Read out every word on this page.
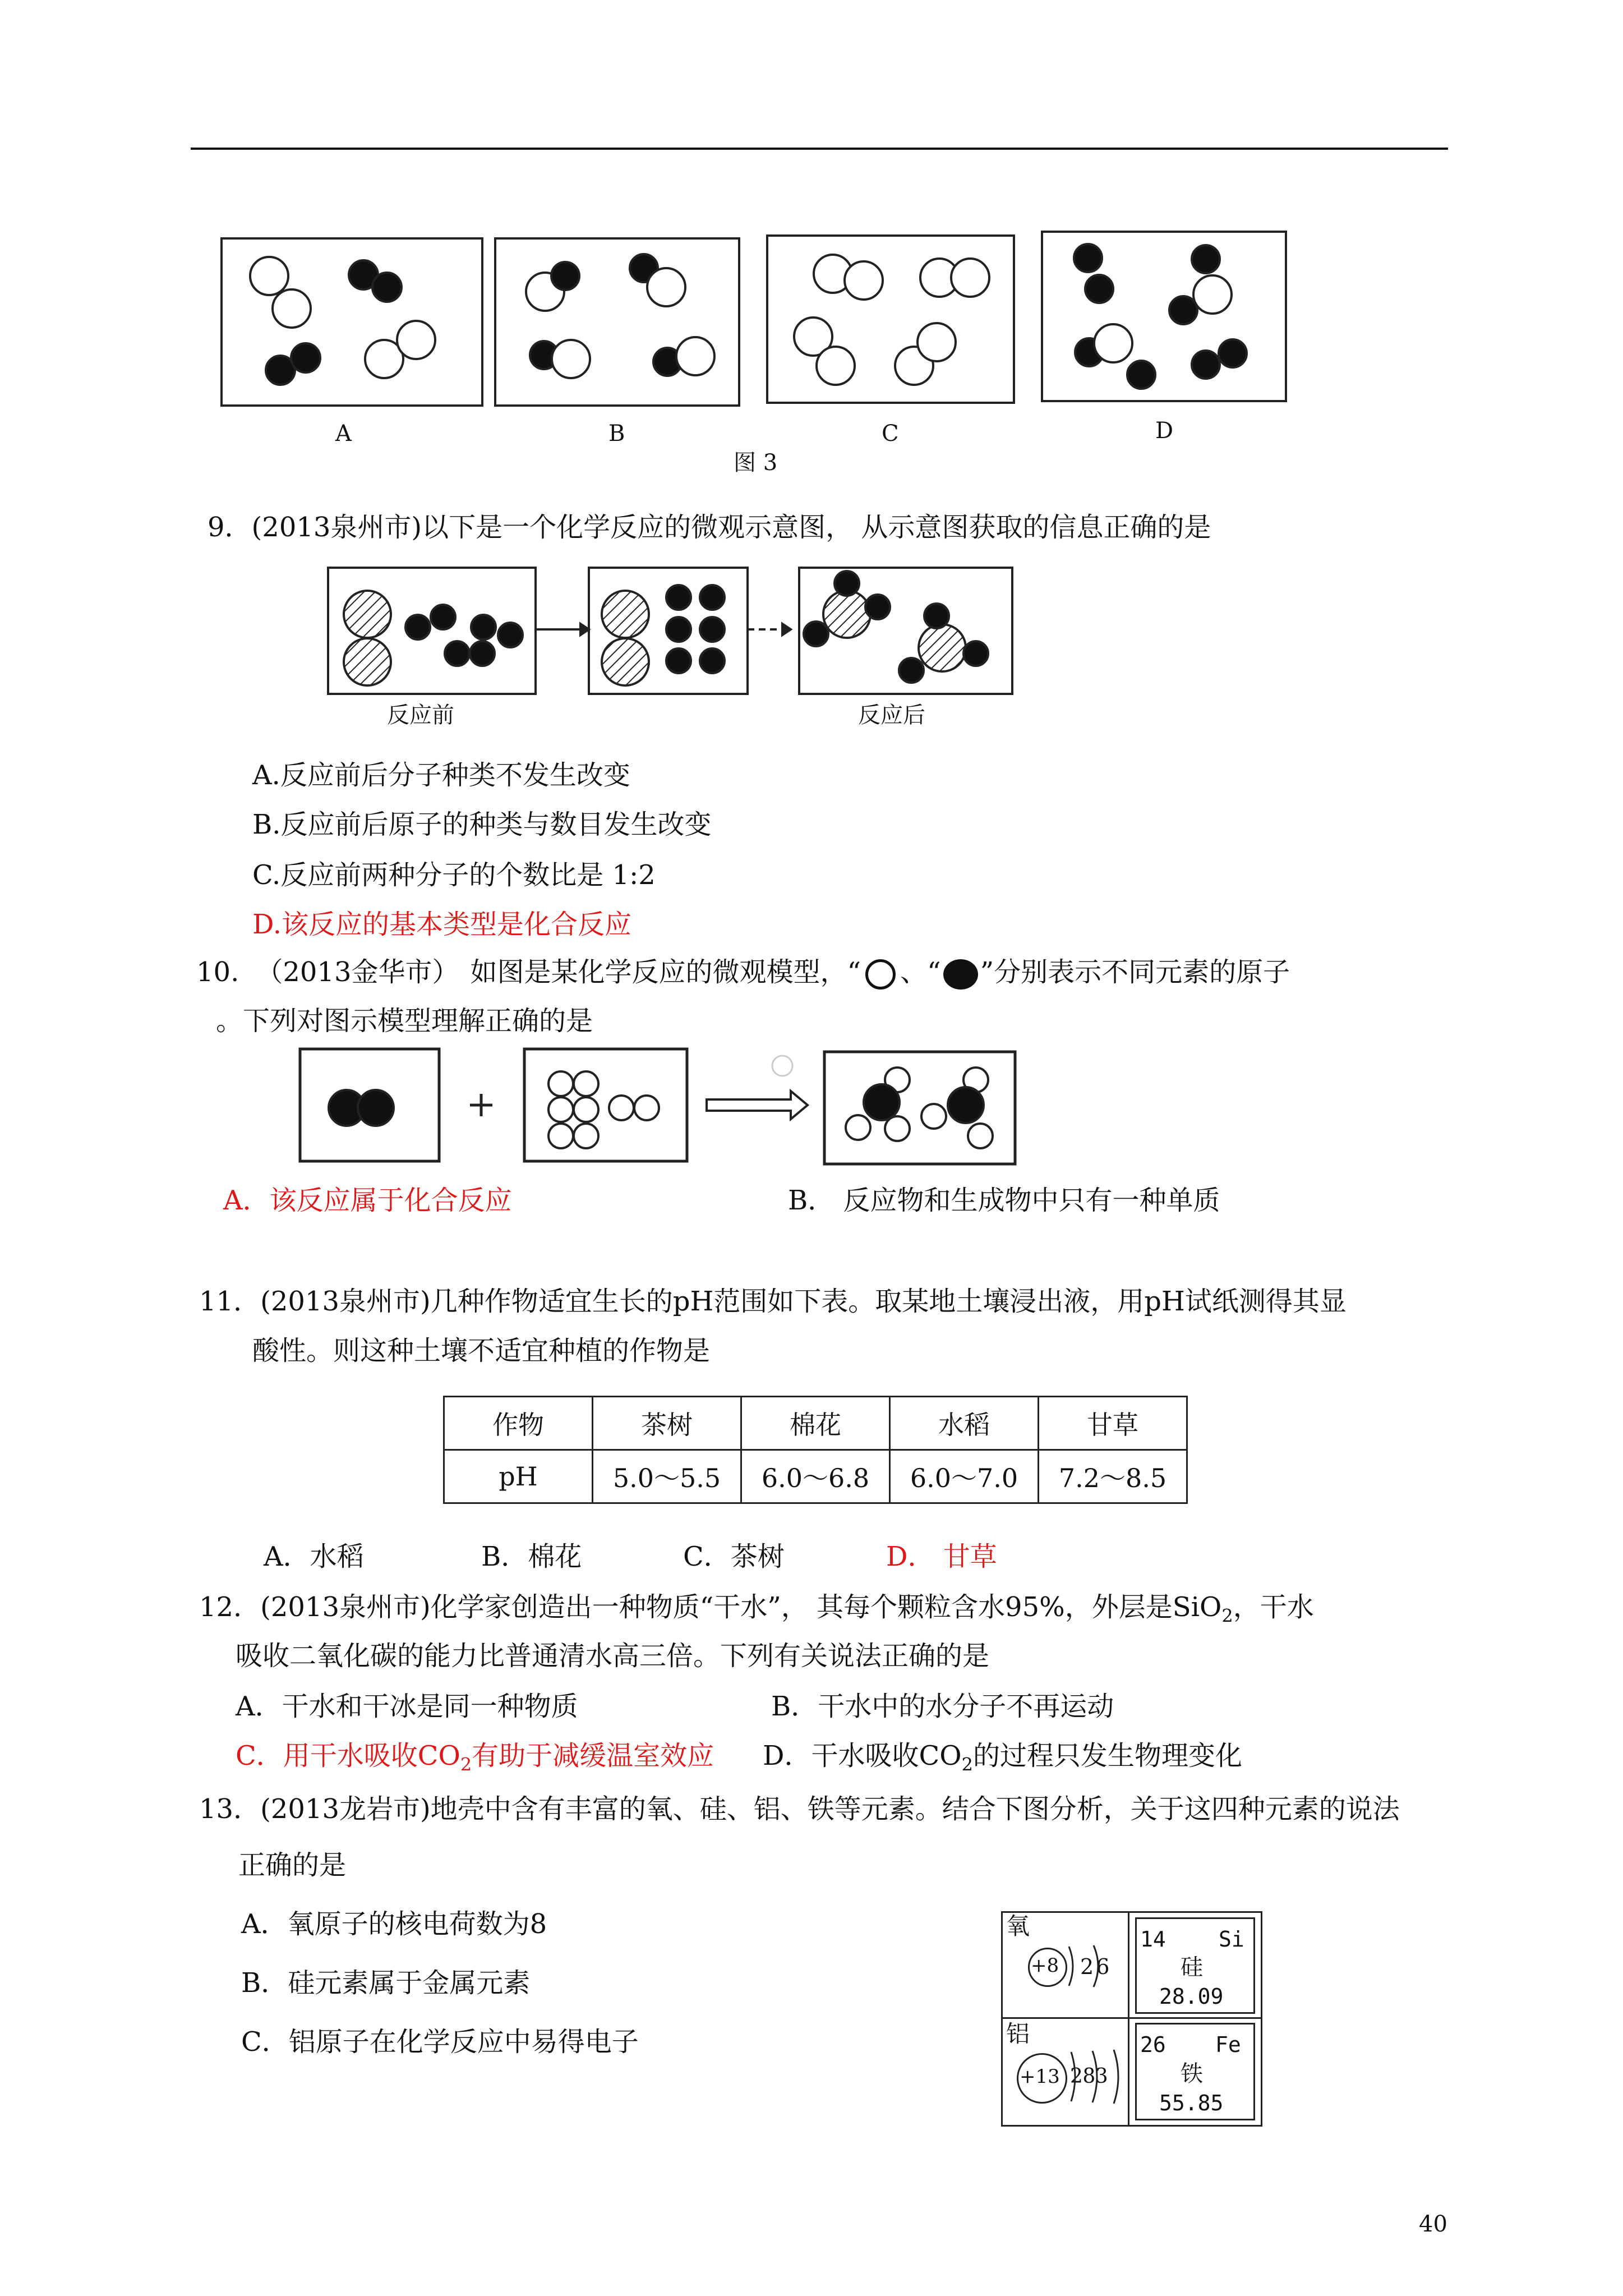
A	B	C	D
图 3
9．(2013泉州市)以下是一个化学反应的微观示意图， 从示意图获取的信息正确的是
反应前	反应后
A.反应前后分子种类不发生改变
B.反应前后原子的种类与数目发生改变
C.反应前两种分子的个数比是 1:2
D.该反应的基本类型是化合反应
10. （2013金华市） 如图是某化学反应的微观模型，“ 、“ ”分别表示不同元素的原子
。下列对图示模型理解正确的是
A．该反应属于化合反应	B． 反应物和生成物中只有一种单质
11．(2013泉州市)几种作物适宜生长的pH范围如下表。取某地土壤浸出液，用pH试纸测得其显
酸性。则这种土壤不适宜种植的作物是
作物	茶树	棉花	水稻	甘草
pH	5.0～5.5	6.0～6.8	6.0～7.0	7.2～8.5
A．水稻	B．棉花	C．茶树	D． 甘草
12．(2013泉州市)化学家创造出一种物质“干水”， 其每个颗粒含水95%，外层是SiO$_2$，干水
吸收二氧化碳的能力比普通清水高三倍。下列有关说法正确的是
A．干水和干冰是同一种物质	B．干水中的水分子不再运动
C．用干水吸收$CO_2$有助于减缓温室效应 D．干水吸收$CO_2$的过程只发生物理变化
13．(2013龙岩市)地壳中含有丰富的氧、硅、铝、铁等元素。结合下图分析，关于这四种元素的说法
正确的是
A．氧原子的核电荷数为8
B．硅元素属于金属元素
C．铝原子在化学反应中易得电子
氧
+8 2 6
14 Si
硅
28.09
铝
+13 2 8 3
26 Fe
铁
55.85
40
